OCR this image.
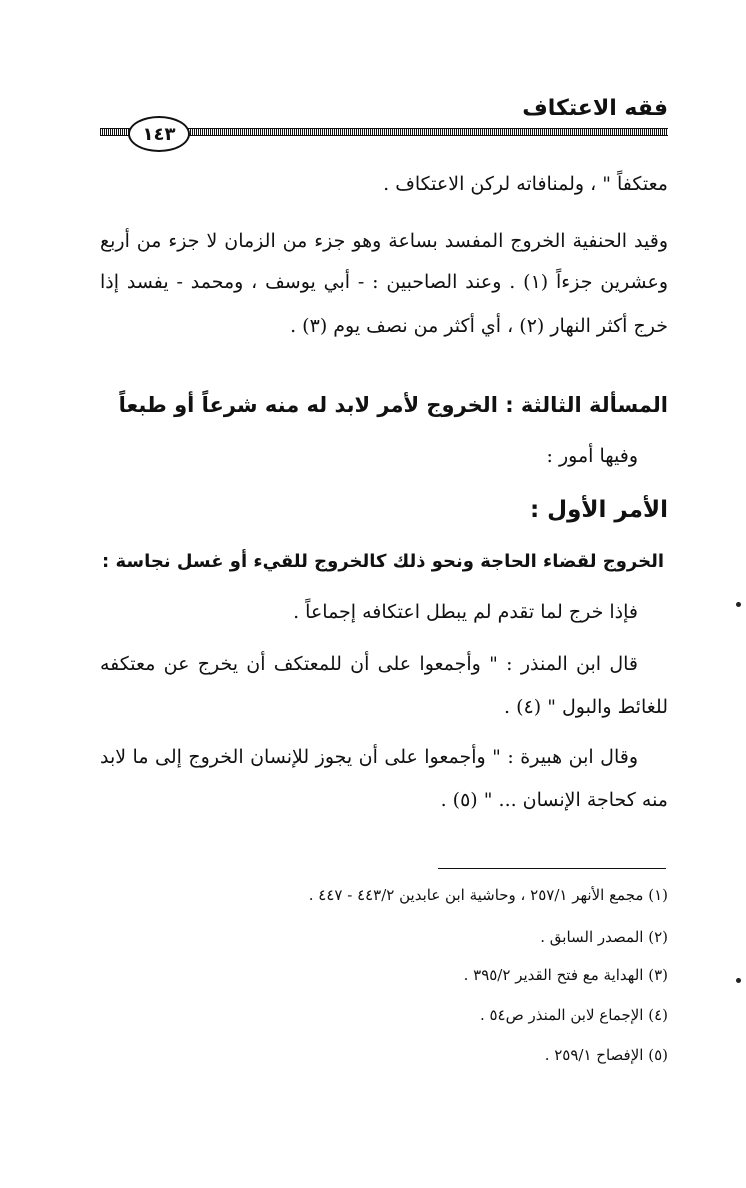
فقه الاعتكاف
١٤٣
معتكفاً " ، ولمنافاته لركن الاعتكاف .
وقيد الحنفية الخروج المفسد بساعة وهو جزء من الزمان لا جزء من أربع
وعشرين جزءاً (١) . وعند الصاحبين : - أبي يوسف ، ومحمد - يفسد إذا
خرج أكثر النهار (٢) ، أي أكثر من نصف يوم (٣) .
المسألة الثالثة : الخروج لأمر لابد له منه شرعاً أو طبعاً
وفيها أمور :
الأمر الأول :
الخروج لقضاء الحاجة ونحو ذلك كالخروج للقيء أو غسل نجاسة :
فإذا خرج لما تقدم لم يبطل اعتكافه إجماعاً .
قال ابن المنذر : " وأجمعوا على أن للمعتكف أن يخرج عن معتكفه
للغائط والبول " (٤) .
وقال ابن هبيرة : " وأجمعوا على أن يجوز للإنسان الخروج إلى ما لابد
منه كحاجة الإنسان ... " (٥) .
(١) مجمع الأنهر ٢٥٧/١ ، وحاشية ابن عابدين ٤٤٣/٢ - ٤٤٧ .
(٢) المصدر السابق .
(٣) الهداية مع فتح القدير ٣٩٥/٢ .
(٤) الإجماع لابن المنذر ص٥٤ .
(٥) الإفصاح ٢٥٩/١ .
